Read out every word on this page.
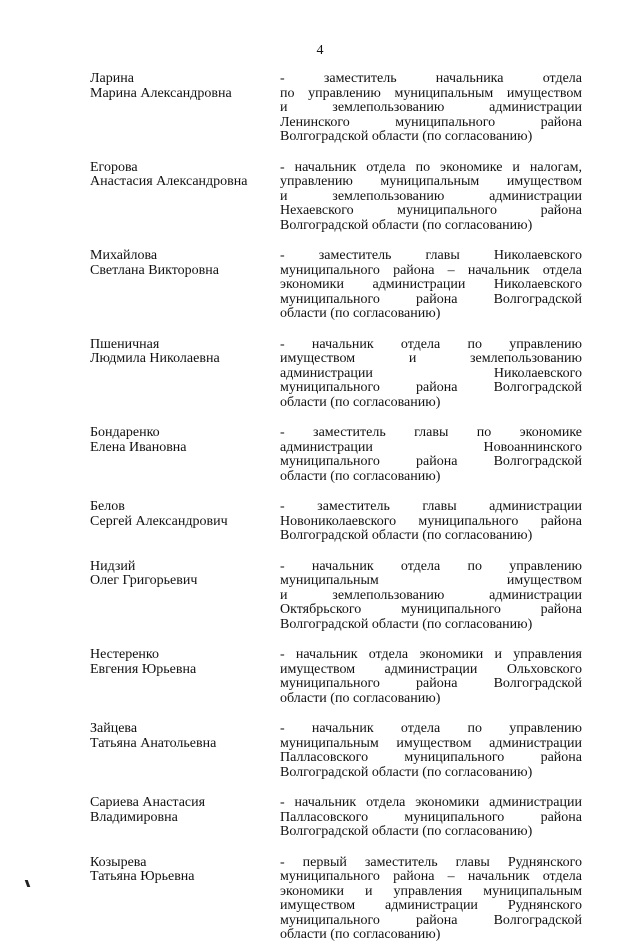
4
Ларина
Марина Александровна
- заместитель начальника отдела
по управлению муниципальным имуществом
и землепользованию администрации
Ленинского муниципального района
Волгоградской области (по согласованию)
Егорова
Анастасия Александровна
- начальник отдела по экономике и налогам,
управлению муниципальным имуществом
и землепользованию администрации
Нехаевского муниципального района
Волгоградской области (по согласованию)
Михайлова
Светлана Викторовна
- заместитель главы Николаевского
муниципального района – начальник отдела
экономики администрации Николаевского
муниципального района Волгоградской
области (по согласованию)
Пшеничная
Людмила Николаевна
- начальник отдела по управлению
имуществом и землепользованию
администрации Николаевского
муниципального района Волгоградской
области (по согласованию)
Бондаренко
Елена Ивановна
- заместитель главы по экономике
администрации Новоаннинского
муниципального района Волгоградской
области (по согласованию)
Белов
Сергей Александрович
- заместитель главы администрации
Новониколаевского муниципального района
Волгоградской области (по согласованию)
Нидзий
Олег Григорьевич
- начальник отдела по управлению
муниципальным имуществом
и землепользованию администрации
Октябрьского муниципального района
Волгоградской области (по согласованию)
Нестеренко
Евгения Юрьевна
- начальник отдела экономики и управления
имуществом администрации Ольховского
муниципального района Волгоградской
области (по согласованию)
Зайцева
Татьяна Анатольевна
- начальник отдела по управлению
муниципальным имуществом администрации
Палласовского муниципального района
Волгоградской области (по согласованию)
Сариева Анастасия
Владимировна
- начальник отдела экономики администрации
Палласовского муниципального района
Волгоградской области (по согласованию)
Козырева
Татьяна Юрьевна
- первый заместитель главы Руднянского
муниципального района – начальник отдела
экономики и управления муниципальным
имуществом администрации Руднянского
муниципального района Волгоградской
области (по согласованию)
